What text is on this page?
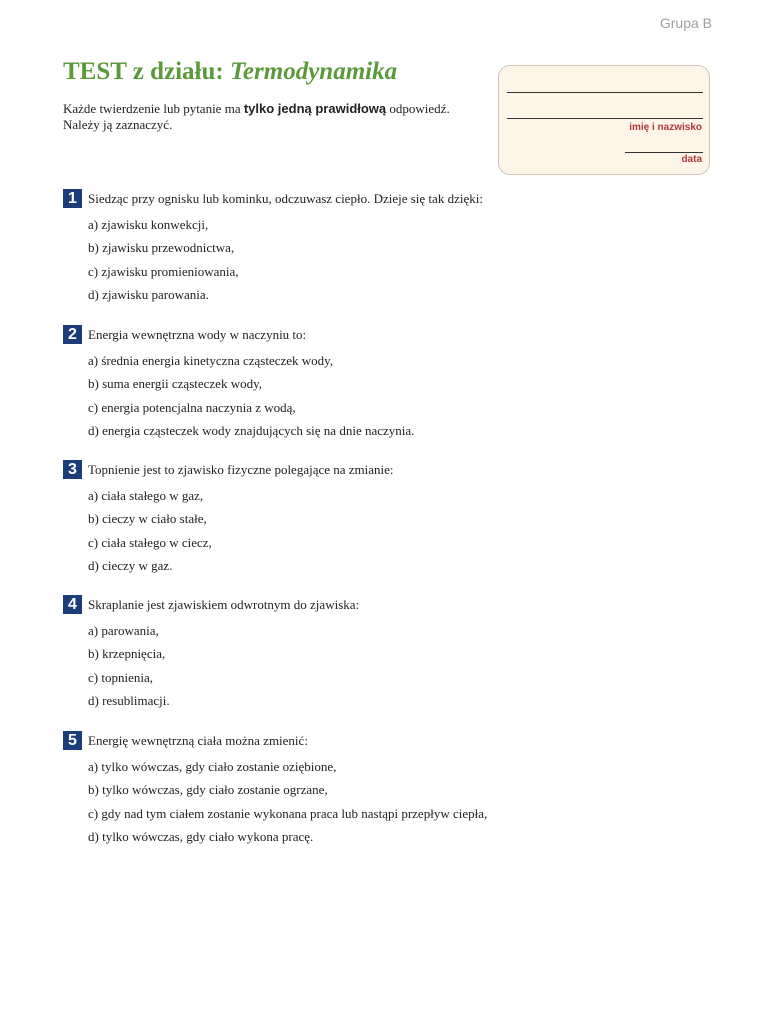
Grupa B
TEST z działu: Termodynamika
Każde twierdzenie lub pytanie ma tylko jedną prawidłową odpowiedź.
Należy ją zaznaczyć.	imię i nazwisko
data
1 Siedząc przy ognisku lub kominku, odczuwasz ciepło. Dzieje się tak dzięki:
a) zjawisku konwekcji,
b) zjawisku przewodnictwa,
c) zjawisku promieniowania,
d) zjawisku parowania.
2 Energia wewnętrzna wody w naczyniu to:
a) średnia energia kinetyczna cząsteczek wody,
b) suma energii cząsteczek wody,
c) energia potencjalna naczynia z wodą,
d) energia cząsteczek wody znajdujących się na dnie naczynia.
3 Topnienie jest to zjawisko fizyczne polegające na zmianie:
a) ciała stałego w gaz,
b) cieczy w ciało stałe,
c) ciała stałego w ciecz,
d) cieczy w gaz.
4 Skraplanie jest zjawiskiem odwrotnym do zjawiska:
a) parowania,
b) krzepnięcia,
c) topnienia,
d) resublimacji.
5 Energię wewnętrzną ciała można zmienić:
a) tylko wówczas, gdy ciało zostanie oziębione,
b) tylko wówczas, gdy ciało zostanie ogrzane,
c) gdy nad tym ciałem zostanie wykonana praca lub nastąpi przepływ ciepła,
d) tylko wówczas, gdy ciało wykona pracę.
